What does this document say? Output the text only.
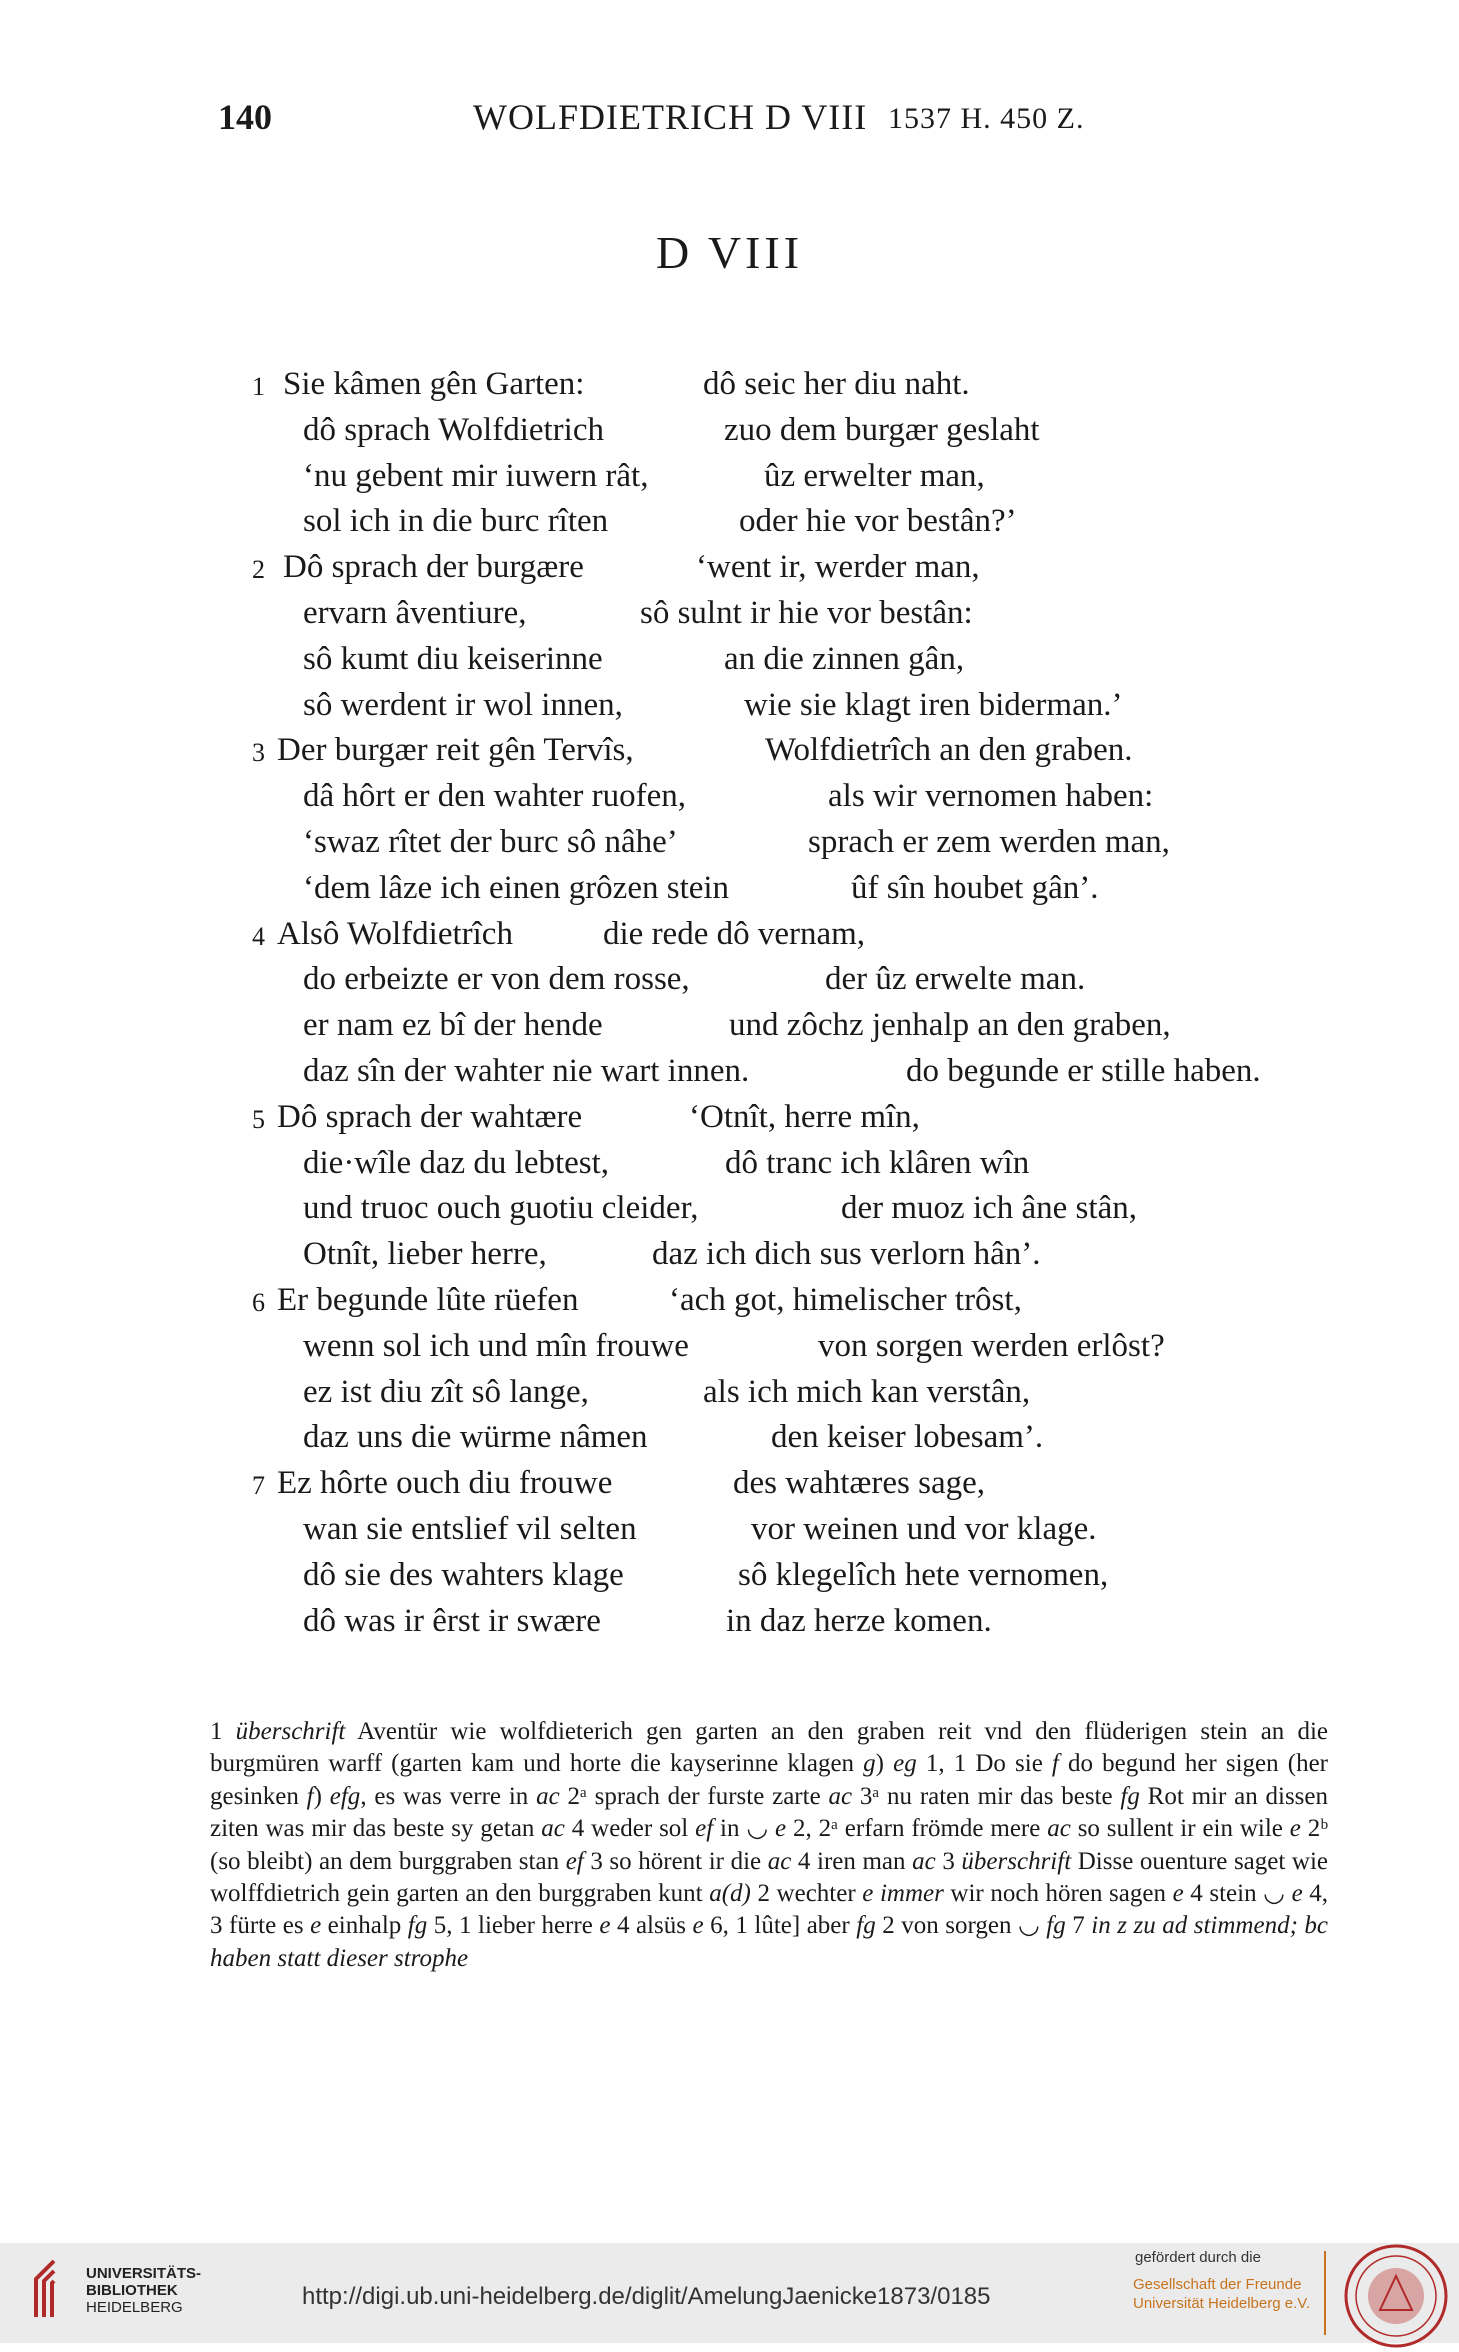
140	WOLFDIETRICH D VIII 1537 H. 450 Z.
D VIII
1 Sie kâmen gên Garten:	dô seic her diu naht.
dô sprach Wolfdietrich	zuo dem burgær geslaht
‘nu gebent mir iuwern rât,	ûz erwelter man,
sol ich in die burc rîten	oder hie vor bestân?’
2 Dô sprach der burgære	‘went ir, werder man,
ervarn âventiure,	sô sulnt ir hie vor bestân:
sô kumt diu keiserinne	an die zinnen gân,
sô werdent ir wol innen,	wie sie klagt iren biderman.’
3 Der burgær reit gên Tervîs,	Wolfdietrîch an den graben.
dâ hôrt er den wahter ruofen,	als wir vernomen haben:
‘swaz rîtet der burc sô nâhe’	sprach er zem werden man,
‘dem lâze ich einen grôzen stein	ûf sîn houbet gân’.
4 Alsô Wolfdietrîch	die rede dô vernam,
do erbeizte er von dem rosse,	der ûz erwelte man.
er nam ez bî der hende	und zôchz jenhalp an den graben,
daz sîn der wahter nie wart innen.	do begunde er stille haben.
5 Dô sprach der wahtære	‘Otnît, herre mîn,
die·wîle daz du lebtest,	dô tranc ich klâren wîn
und truoc ouch guotiu cleider,	der muoz ich âne stân,
Otnît, lieber herre,	daz ich dich sus verlorn hân’.
6 Er begunde lûte rüefen	‘ach got, himelischer trôst,
wenn sol ich und mîn frouwe	von sorgen werden erlôst?
ez ist diu zît sô lange,	als ich mich kan verstân,
daz uns die würme nâmen	den keiser lobesam’.
7 Ez hôrte ouch diu frouwe	des wahtæres sage,
wan sie entslief vil selten	vor weinen und vor klage.
dô sie des wahters klage	sô klegelîch hete vernomen,
dô was ir êrst ir swære	in daz herze komen.
1 überschrift Aventür wie wolfdieterich gen garten an den graben reit vnd den flüderigen stein an die burgmüren warff (garten kam und horte die kayserinne klagen g) eg 1, 1 Do sie f do begund her sigen (her gesinken f) efg, es was verre in ac 2ᵃ sprach der furste zarte ac 3ᵃ nu raten mir das beste fg Rot mir an dissen ziten was mir das beste sy getan ac 4 weder sol ef in ◡ e 2, 2ᵃ erfarn frömde mere ac so sullent ir ein wile e 2ᵇ (so bleibt) an dem burggraben stan ef 3 so hörent ir die ac 4 iren man ac 3 überschrift Disse ouenture saget wie wolffdietrich gein garten an den burggraben kunt a(d) 2 wechter e immer wir noch hören sagen e 4 stein ◡ e 4, 3 fürte es e einhalp fg 5, 1 lieber herre e 4 alsüs e 6, 1 lûte] aber fg 2 von sorgen ◡ fg 7 in z zu ad stimmend; bc haben statt dieser strophe
UNIVERSITÄTS-
BIBLIOTHEK
HEIDELBERG	http://digi.ub.uni-heidelberg.de/diglit/AmelungJaenicke1873/0185
gefördert durch die
Gesellschaft der Freunde
Universität Heidelberg e.V.
